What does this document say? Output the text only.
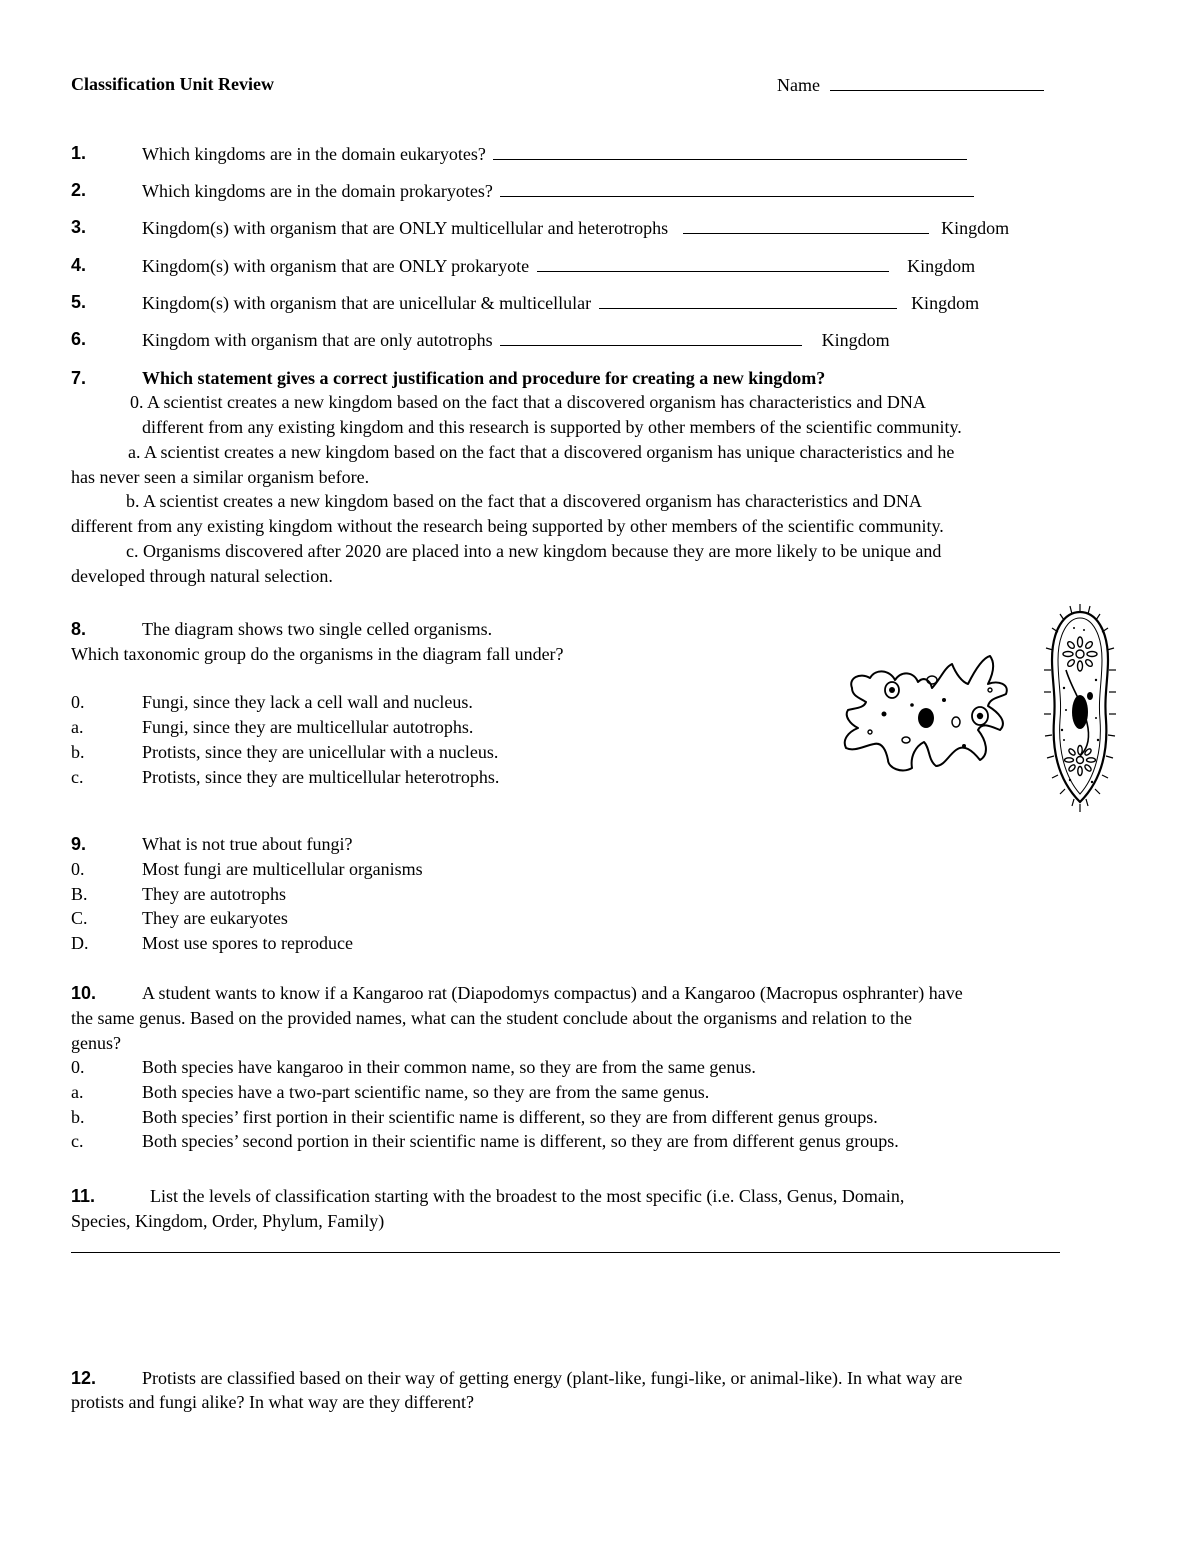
Classification Unit Review	Name
1.	Which kingdoms are in the domain eukaryotes?
2.	Which kingdoms are in the domain prokaryotes?
3.	Kingdom(s) with organism that are ONLY multicellular and heterotrophs	Kingdom
4.	Kingdom(s) with organism that are ONLY prokaryote	Kingdom
5.	Kingdom(s) with organism that are unicellular & multicellular	Kingdom
6.	Kingdom with organism that are only autotrophs	Kingdom
7.	Which statement gives a correct justification and procedure for creating a new kingdom?
0. A scientist creates a new kingdom based on the fact that a discovered organism has characteristics and DNA
different from any existing kingdom and this research is supported by other members of the scientific community.
a. A scientist creates a new kingdom based on the fact that a discovered organism has unique characteristics and he
has never seen a similar organism before.
b. A scientist creates a new kingdom based on the fact that a discovered organism has characteristics and DNA
different from any existing kingdom without the research being supported by other members of the scientific community.
c. Organisms discovered after 2020 are placed into a new kingdom because they are more likely to be unique and
developed through natural selection.
8.	The diagram shows two single celled organisms.
Which taxonomic group do the organisms in the diagram fall under?
0.	Fungi, since they lack a cell wall and nucleus.
a.	Fungi, since they are multicellular autotrophs.
b.	Protists, since they are unicellular with a nucleus.
c.	Protists, since they are multicellular heterotrophs.
9.	What is not true about fungi?
0.	Most fungi are multicellular organisms
B.	They are autotrophs
C.	They are eukaryotes
D.	Most use spores to reproduce
10.	A student wants to know if a Kangaroo rat (Diapodomys compactus) and a Kangaroo (Macropus osphranter) have
the same genus. Based on the provided names, what can the student conclude about the organisms and relation to the
genus?
0.	Both species have kangaroo in their common name, so they are from the same genus.
a.	Both species have a two-part scientific name, so they are from the same genus.
b.	Both species’ first portion in their scientific name is different, so they are from different genus groups.
c.	Both species’ second portion in their scientific name is different, so they are from different genus groups.
11.	List the levels of classification starting with the broadest to the most specific (i.e. Class, Genus, Domain,
Species, Kingdom, Order, Phylum, Family)
12.	Protists are classified based on their way of getting energy (plant-like, fungi-like, or animal-like). In what way are
protists and fungi alike? In what way are they different?
